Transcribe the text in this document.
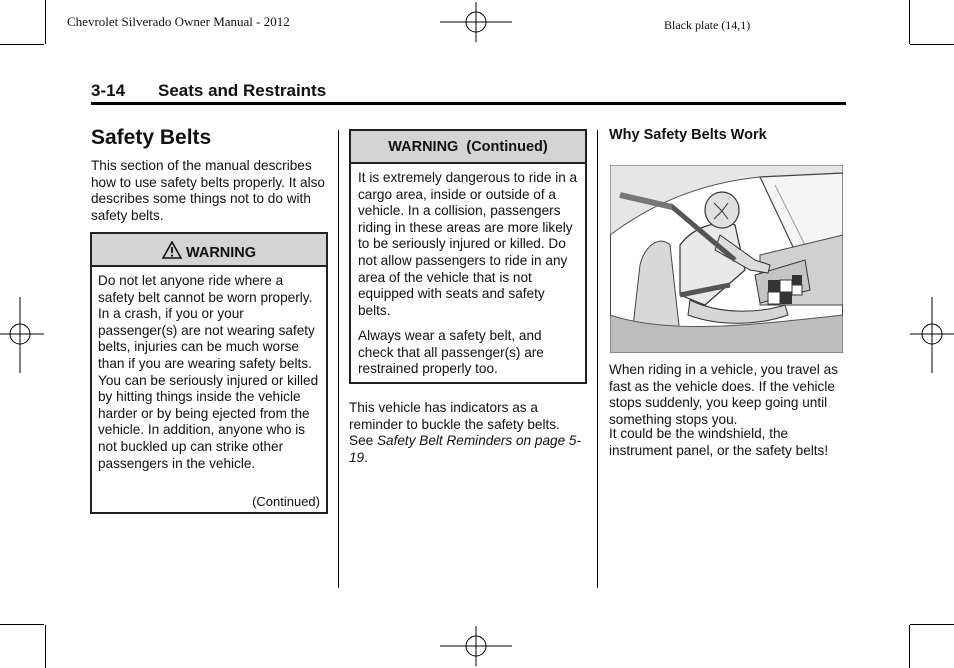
Chevrolet Silverado Owner Manual - 2012	Black plate (14,1)
3-14 Seats and Restraints
Safety Belts
This section of the manual describes how to use safety belts properly. It also describes some things not to do with safety belts.
WARNING
Do not let anyone ride where a safety belt cannot be worn properly. In a crash, if you or your passenger(s) are not wearing safety belts, injuries can be much worse than if you are wearing safety belts. You can be seriously injured or killed by hitting things inside the vehicle harder or by being ejected from the vehicle. In addition, anyone who is not buckled up can strike other passengers in the vehicle.
(Continued)
WARNING  (Continued)
It is extremely dangerous to ride in a cargo area, inside or outside of a vehicle. In a collision, passengers riding in these areas are more likely to be seriously injured or killed. Do not allow passengers to ride in any area of the vehicle that is not equipped with seats and safety belts.
Always wear a safety belt, and check that all passenger(s) are restrained properly too.
This vehicle has indicators as a reminder to buckle the safety belts. See Safety Belt Reminders on page 5-19.
Why Safety Belts Work
When riding in a vehicle, you travel as fast as the vehicle does. If the vehicle stops suddenly, you keep going until something stops you.
It could be the windshield, the instrument panel, or the safety belts!
